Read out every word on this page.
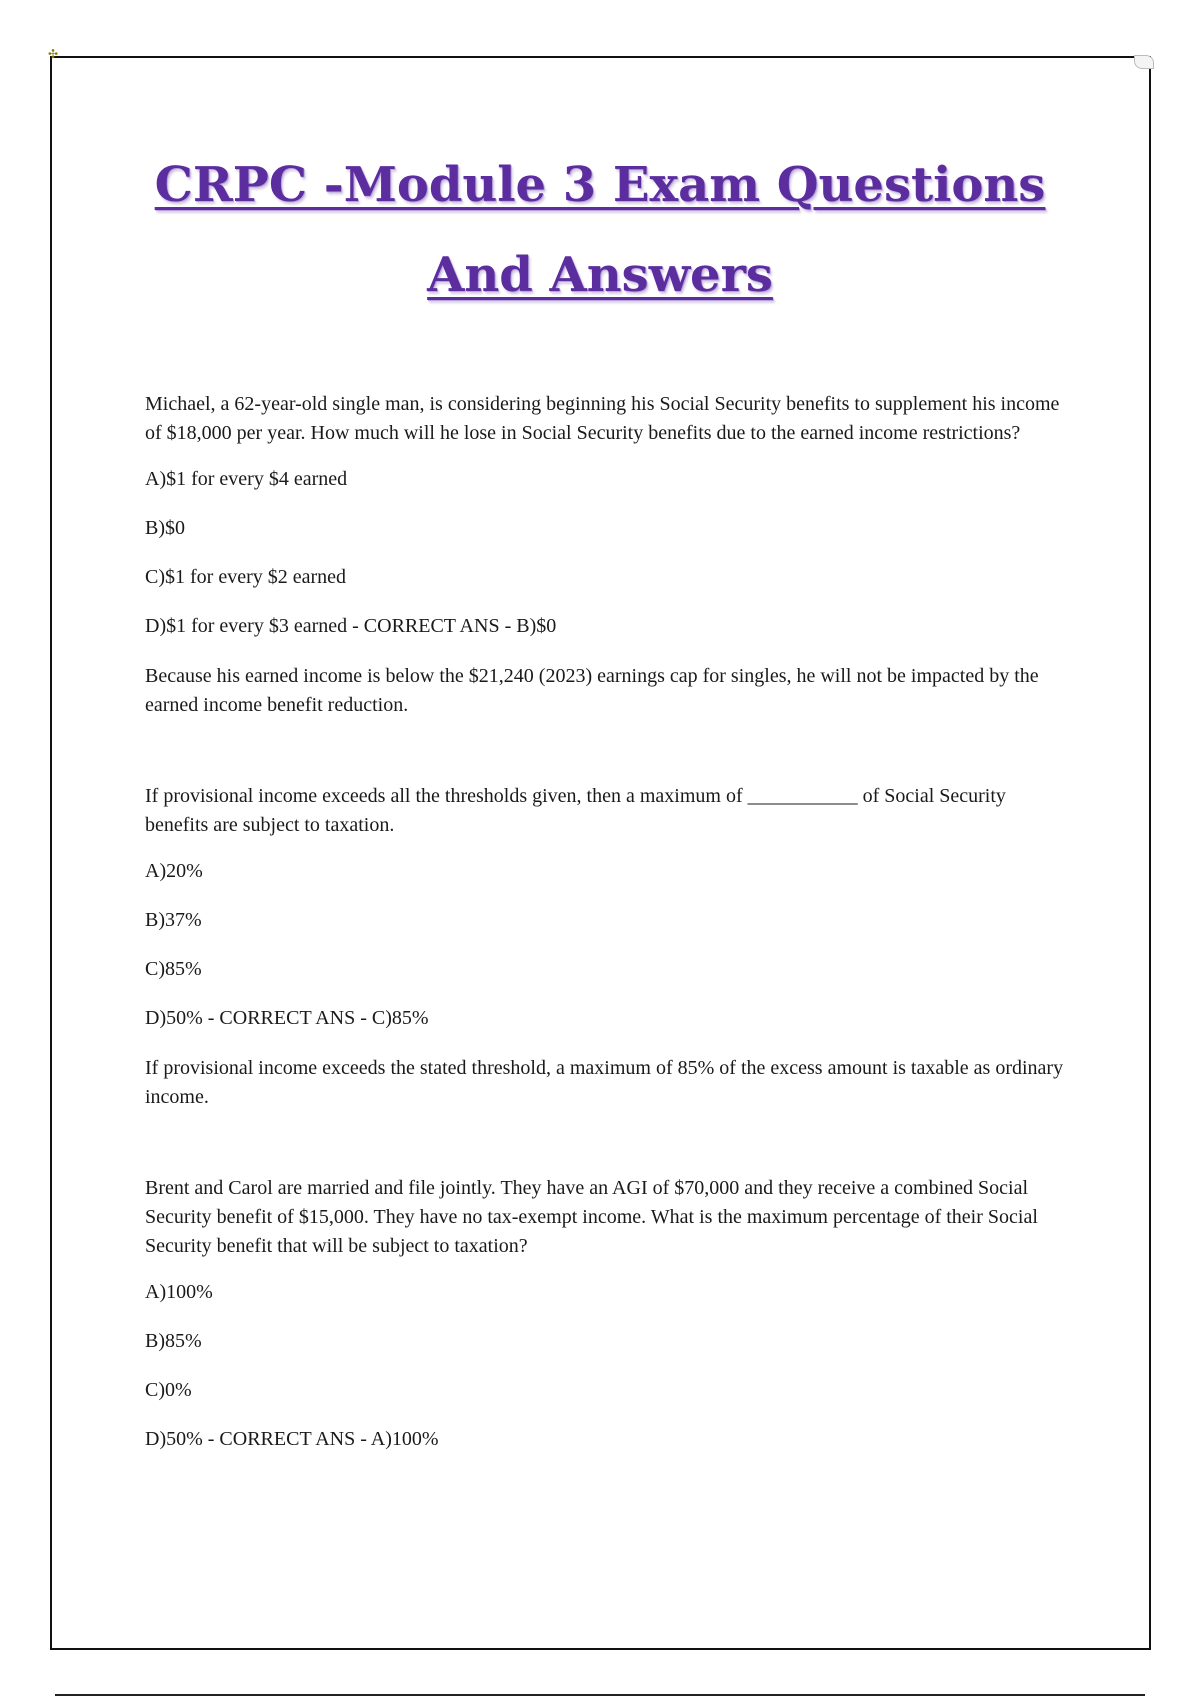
✣
CRPC -Module 3 Exam Questions
And Answers

Michael, a 62-year-old single man, is considering beginning his Social Security benefits to supplement his income of $18,000 per year. How much will he lose in Social Security benefits due to the earned income restrictions?

A)$1 for every $4 earned

B)$0

C)$1 for every $2 earned

D)$1 for every $3 earned - CORRECT ANS - B)$0

Because his earned income is below the $21,240 (2023) earnings cap for singles, he will not be impacted by the earned income benefit reduction.

If provisional income exceeds all the thresholds given, then a maximum of ___________ of Social Security benefits are subject to taxation.

A)20%

B)37%

C)85%

D)50% - CORRECT ANS - C)85%

If provisional income exceeds the stated threshold, a maximum of 85% of the excess amount is taxable as ordinary income.

Brent and Carol are married and file jointly. They have an AGI of $70,000 and they receive a combined Social Security benefit of $15,000. They have no tax-exempt income. What is the maximum percentage of their Social Security benefit that will be subject to taxation?

A)100%

B)85%

C)0%

D)50% - CORRECT ANS - A)100%
